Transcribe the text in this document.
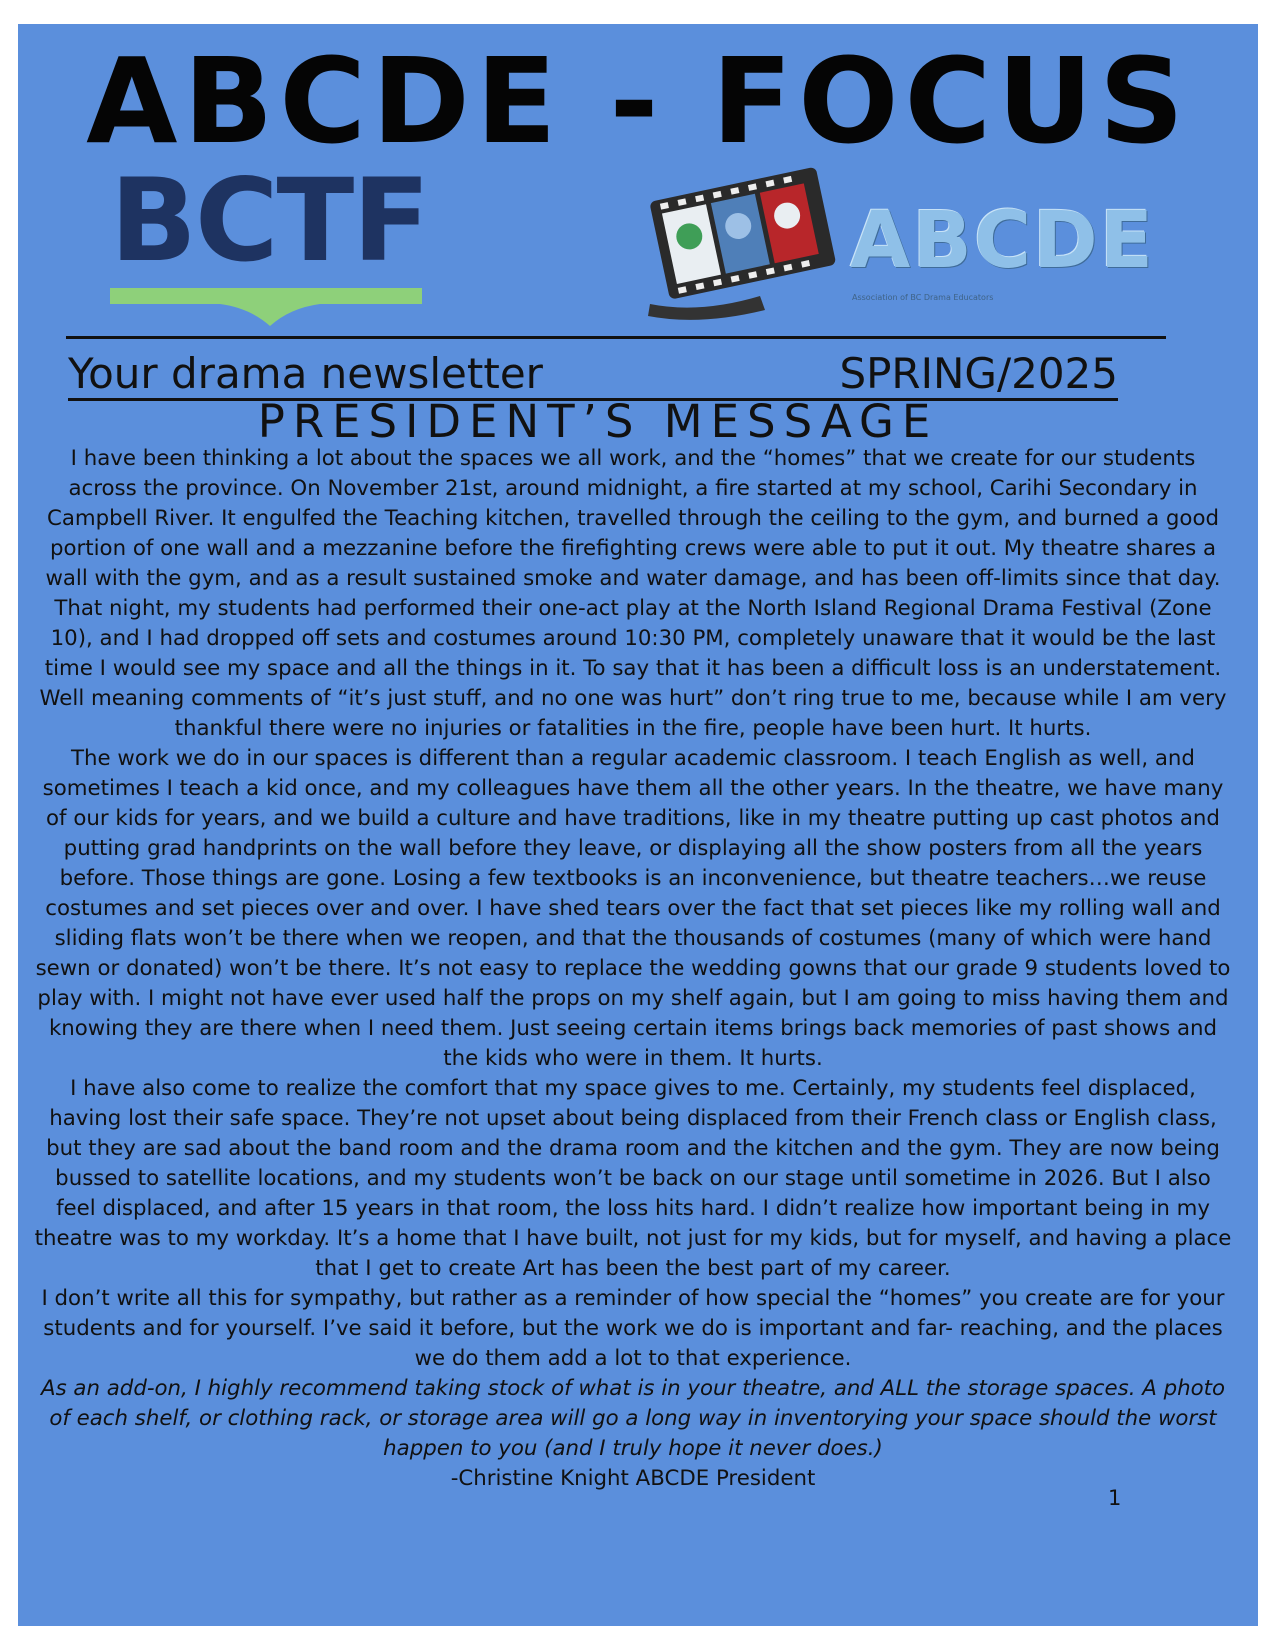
ABCDE - FOCUS
BCTF	ABCDE
Association of BC Drama Educators
Your drama newsletter	SPRING/2025
PRESIDENT’S MESSAGE

I have been thinking a lot about the spaces we all work, and the “homes” that we create for our students across the province. On November 21st, around midnight, a fire started at my school, Carihi Secondary in Campbell River. It engulfed the Teaching kitchen, travelled through the ceiling to the gym, and burned a good portion of one wall and a mezzanine before the firefighting crews were able to put it out. My theatre shares a wall with the gym, and as a result sustained smoke and water damage, and has been off-limits since that day. That night, my students had performed their one-act play at the North Island Regional Drama Festival (Zone 10), and I had dropped off sets and costumes around 10:30 PM, completely unaware that it would be the last time I would see my space and all the things in it. To say that it has been a difficult loss is an understatement. Well meaning comments of “it’s just stuff, and no one was hurt” don’t ring true to me, because while I am very thankful there were no injuries or fatalities in the fire, people have been hurt. It hurts.

The work we do in our spaces is different than a regular academic classroom. I teach English as well, and sometimes I teach a kid once, and my colleagues have them all the other years. In the theatre, we have many of our kids for years, and we build a culture and have traditions, like in my theatre putting up cast photos and putting grad handprints on the wall before they leave, or displaying all the show posters from all the years before. Those things are gone. Losing a few textbooks is an inconvenience, but theatre teachers…we reuse costumes and set pieces over and over. I have shed tears over the fact that set pieces like my rolling wall and sliding flats won’t be there when we reopen, and that the thousands of costumes (many of which were hand sewn or donated) won’t be there. It’s not easy to replace the wedding gowns that our grade 9 students loved to play with. I might not have ever used half the props on my shelf again, but I am going to miss having them and knowing they are there when I need them. Just seeing certain items brings back memories of past shows and the kids who were in them. It hurts.

I have also come to realize the comfort that my space gives to me. Certainly, my students feel displaced, having lost their safe space. They’re not upset about being displaced from their French class or English class, but they are sad about the band room and the drama room and the kitchen and the gym. They are now being bussed to satellite locations, and my students won’t be back on our stage until sometime in 2026. But I also feel displaced, and after 15 years in that room, the loss hits hard. I didn’t realize how important being in my theatre was to my workday. It’s a home that I have built, not just for my kids, but for myself, and having a place that I get to create Art has been the best part of my career.

I don’t write all this for sympathy, but rather as a reminder of how special the “homes” you create are for your students and for yourself. I’ve said it before, but the work we do is important and far- reaching, and the places we do them add a lot to that experience.

As an add-on, I highly recommend taking stock of what is in your theatre, and ALL the storage spaces. A photo of each shelf, or clothing rack, or storage area will go a long way in inventorying your space should the worst happen to you (and I truly hope it never does.)

-Christine Knight ABCDE President

1
